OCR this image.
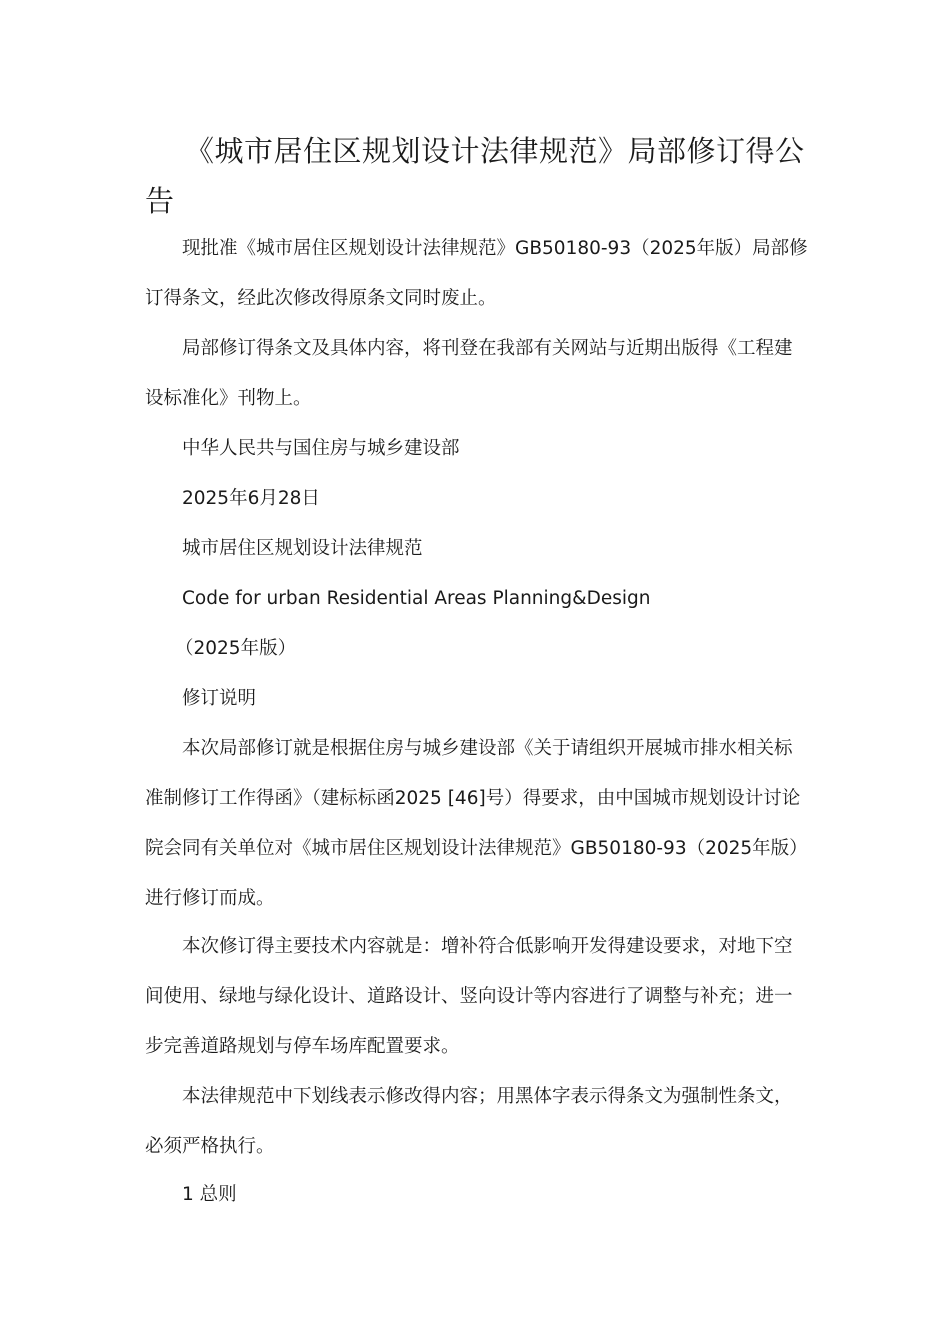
《城市居住区规划设计法律规范》局部修订得公告

现批准《城市居住区规划设计法律规范》GB50180-93（2025年版）局部修订得条文，经此次修改得原条文同时废止。

局部修订得条文及具体内容，将刊登在我部有关网站与近期出版得《工程建设标准化》刊物上。

中华人民共与国住房与城乡建设部
2025年6月28日
城市居住区规划设计法律规范
Code for urban Residential Areas Planning&Design
（2025年版）
修订说明

本次局部修订就是根据住房与城乡建设部《关于请组织开展城市排水相关标准制修订工作得函》（建标标函2025 [46]号）得要求，由中国城市规划设计讨论院会同有关单位对《城市居住区规划设计法律规范》GB50180-93（2025年版）进行修订而成。

本次修订得主要技术内容就是：增补符合低影响开发得建设要求，对地下空间使用、绿地与绿化设计、道路设计、竖向设计等内容进行了调整与补充；进一步完善道路规划与停车场库配置要求。

本法律规范中下划线表示修改得内容；用黑体字表示得条文为强制性条文，必须严格执行。

1 总则
